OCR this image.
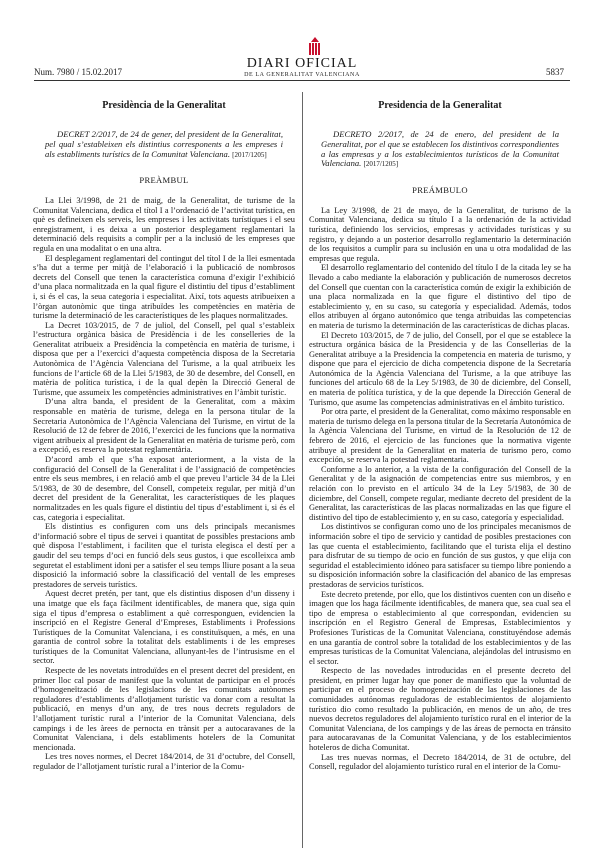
DIARI OFICIAL
DE LA GENERALITAT VALENCIANA
Num. 7980 / 15.02.2017	5837
Presidència de la Generalitat
DECRET 2/2017, de 24 de gener, del president de la Generalitat, pel qual s’estableixen els distintius corresponents a les empreses i als establiments turístics de la Comunitat Valenciana. [2017/1205]
PREÀMBUL

La Llei 3/1998, de 21 de maig, de la Generalitat, de turisme de la Comunitat Valenciana, dedica el títol I a l’ordenació de l’activitat turística, en què es defineixen els serveis, les empreses i les activitats turístiques i el seu enregistrament, i es deixa a un posterior desplegament reglamentari la determinació dels requisits a complir per a la inclusió de les empreses que regula en una modalitat o en una altra.

El desplegament reglamentari del contingut del títol I de la llei esmentada s’ha dut a terme per mitjà de l’elaboració i la publicació de nombrosos decrets del Consell que tenen la característica comuna d’exigir l’exhibició d’una placa normalitzada en la qual figure el distintiu del tipus d’establiment i, si és el cas, la seua categoria i especialitat. Així, tots aquests atribueixen a l’òrgan autonòmic que tinga atribuïdes les competències en matèria de turisme la determinació de les característiques de les plaques normalitzades.

La Decret 103/2015, de 7 de juliol, del Consell, pel qual s’estableix l’estructura orgànica bàsica de Presidència i de les conselleries de la Generalitat atribueix a Presidència la competència en matèria de turisme, i disposa que per a l’exercici d’aquesta competència disposa de la Secretaria Autonòmica de l’Agència Valenciana del Turisme, a la qual atribueix les funcions de l’article 68 de la Llei 5/1983, de 30 de desembre, del Consell, en matèria de política turística, i de la qual depèn la Direcció General de Turisme, que assumeix les competències administratives en l’àmbit turístic.

D’una altra banda, el president de la Generalitat, com a màxim responsable en matèria de turisme, delega en la persona titular de la Secretaria Autonòmica de l’Agència Valenciana del Turisme, en virtut de la Resolució de 12 de febrer de 2016, l’exercici de les funcions que la normativa vigent atribueix al president de la Generalitat en matèria de turisme però, com a excepció, es reserva la potestat reglamentària.

D’acord amb el que s’ha exposat anteriorment, a la vista de la configuració del Consell de la Generalitat i de l’assignació de competències entre els seus membres, i en relació amb el que preveu l’article 34 de la Llei 5/1983, de 30 de desembre, del Consell, competeix regular, per mitjà d’un decret del president de la Generalitat, les característiques de les plaques normalitzades en les quals figure el distintiu del tipus d’establiment i, si és el cas, categoria i especialitat.

Els distintius es configuren com uns dels principals mecanismes d’informació sobre el tipus de servei i quantitat de possibles prestacions amb què disposa l’establiment, i faciliten que el turista elegisca el destí per a gaudir del seu temps d’oci en funció dels seus gustos, i que escolleixca amb seguretat el establiment idoni per a satisfer el seu temps lliure posant a la seua disposició la informació sobre la classificació del ventall de les empreses prestadores de serveis turístics.

Aquest decret pretén, per tant, que els distintius disposen d’un disseny i una imatge que els faça fàcilment identificables, de manera que, siga quin siga el tipus d’empresa o establiment a què corresponguen, evidencien la inscripció en el Registre General d’Empreses, Establiments i Professions Turístiques de la Comunitat Valenciana, i es constituïsquen, a més, en una garantia de control sobre la totalitat dels establiments i de les empreses turístiques de la Comunitat Valenciana, allunyant-les de l’intrusisme en el sector.

Respecte de les novetats introduïdes en el present decret del president, en primer lloc cal posar de manifest que la voluntat de participar en el procés d’homogeneïtzació de les legislacions de les comunitats autònomes reguladores d’establiments d’allotjament turístic va donar com a resultat la publicació, en menys d’un any, de tres nous decrets reguladors de l’allotjament turístic rural a l’interior de la Comunitat Valenciana, dels campings i de les àrees de pernocta en trànsit per a autocaravanes de la Comunitat Valenciana, i dels establiments hotelers de la Comunitat mencionada.

Les tres noves normes, el Decret 184/2014, de 31 d’octubre, del Consell, regulador de l’allotjament turístic rural a l’interior de la Comu-

Presidencia de la Generalitat
DECRETO 2/2017, de 24 de enero, del president de la Generalitat, por el que se establecen los distintivos correspondientes a las empresas y a los establecimientos turísticos de la Comunitat Valenciana. [2017/1205]
PREÁMBULO

La Ley 3/1998, de 21 de mayo, de la Generalitat, de turismo de la Comunitat Valenciana, dedica su título I a la ordenación de la actividad turística, definiendo los servicios, empresas y actividades turísticas y su registro, y dejando a un posterior desarrollo reglamentario la determinación de los requisitos a cumplir para su inclusión en una u otra modalidad de las empresas que regula.

El desarrollo reglamentario del contenido del título I de la citada ley se ha llevado a cabo mediante la elaboración y publicación de numerosos decretos del Consell que cuentan con la característica común de exigir la exhibición de una placa normalizada en la que figure el distintivo del tipo de establecimiento y, en su caso, su categoría y especialidad. Además, todos ellos atribuyen al órgano autonómico que tenga atribuidas las competencias en materia de turismo la determinación de las características de dichas placas.

El Decreto 103/2015, de 7 de julio, del Consell, por el que se establece la estructura orgánica básica de la Presidencia y de las Consellerias de la Generalitat atribuye a la Presidencia la competencia en materia de turismo, y dispone que para el ejercicio de dicha competencia dispone de la Secretaría Autonómica de la Agència Valenciana del Turisme, a la que atribuye las funciones del artículo 68 de la Ley 5/1983, de 30 de diciembre, del Consell, en materia de política turística, y de la que depende la Dirección General de Turismo, que asume las competencias administrativas en el ámbito turístico.

Por otra parte, el president de la Generalitat, como máximo responsable en materia de turismo delega en la persona titular de la Secretaría Autonómica de la Agència Valenciana del Turisme, en virtud de la Resolución de 12 de febrero de 2016, el ejercicio de las funciones que la normativa vigente atribuye al president de la Generalitat en materia de turismo pero, como excepción, se reserva la potestad reglamentaria.

Conforme a lo anterior, a la vista de la configuración del Consell de la Generalitat y de la asignación de competencias entre sus miembros, y en relación con lo previsto en el artículo 34 de la Ley 5/1983, de 30 de diciembre, del Consell, compete regular, mediante decreto del president de la Generalitat, las características de las placas normalizadas en las que figure el distintivo del tipo de establecimiento y, en su caso, categoría y especialidad.

Los distintivos se configuran como uno de los principales mecanismos de información sobre el tipo de servicio y cantidad de posibles prestaciones con las que cuenta el establecimiento, facilitando que el turista elija el destino para disfrutar de su tiempo de ocio en función de sus gustos, y que elija con seguridad el establecimiento idóneo para satisfacer su tiempo libre poniendo a su disposición información sobre la clasificación del abanico de las empresas prestadoras de servicios turísticos.

Este decreto pretende, por ello, que los distintivos cuenten con un diseño e imagen que los haga fácilmente identificables, de manera que, sea cual sea el tipo de empresa o establecimiento al que correspondan, evidencien su inscripción en el Registro General de Empresas, Establecimientos y Profesiones Turísticas de la Comunitat Valenciana, constituyéndose además en una garantía de control sobre la totalidad de los establecimientos y de las empresas turísticas de la Comunitat Valenciana, alejándolas del intrusismo en el sector.

Respecto de las novedades introducidas en el presente decreto del president, en primer lugar hay que poner de manifiesto que la voluntad de participar en el proceso de homogeneización de las legislaciones de las comunidades autónomas reguladoras de establecimientos de alojamiento turístico dio como resultado la publicación, en menos de un año, de tres nuevos decretos reguladores del alojamiento turístico rural en el interior de la Comunitat Valenciana, de los campings y de las áreas de pernocta en tránsito para autocaravanas de la Comunitat Valenciana, y de los establecimientos hoteleros de dicha Comunitat.

Las tres nuevas normas, el Decreto 184/2014, de 31 de octubre, del Consell, regulador del alojamiento turístico rural en el interior de la Comu-
